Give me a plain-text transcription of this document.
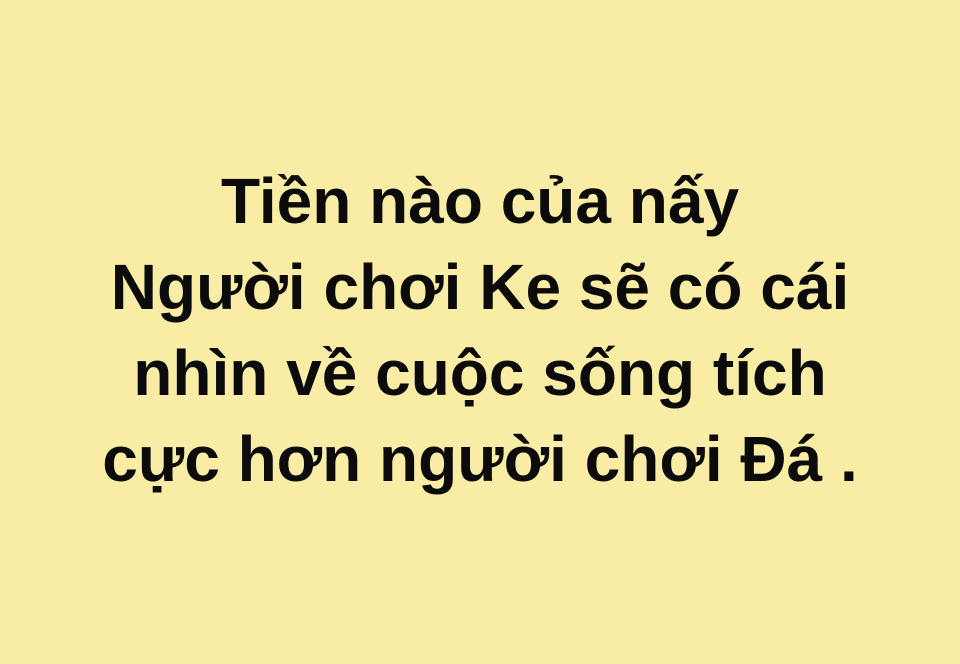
Tiền nào của nấy
Người chơi Ke sẽ có cái
nhìn về cuộc sống tích
cực hơn người chơi Đá .
